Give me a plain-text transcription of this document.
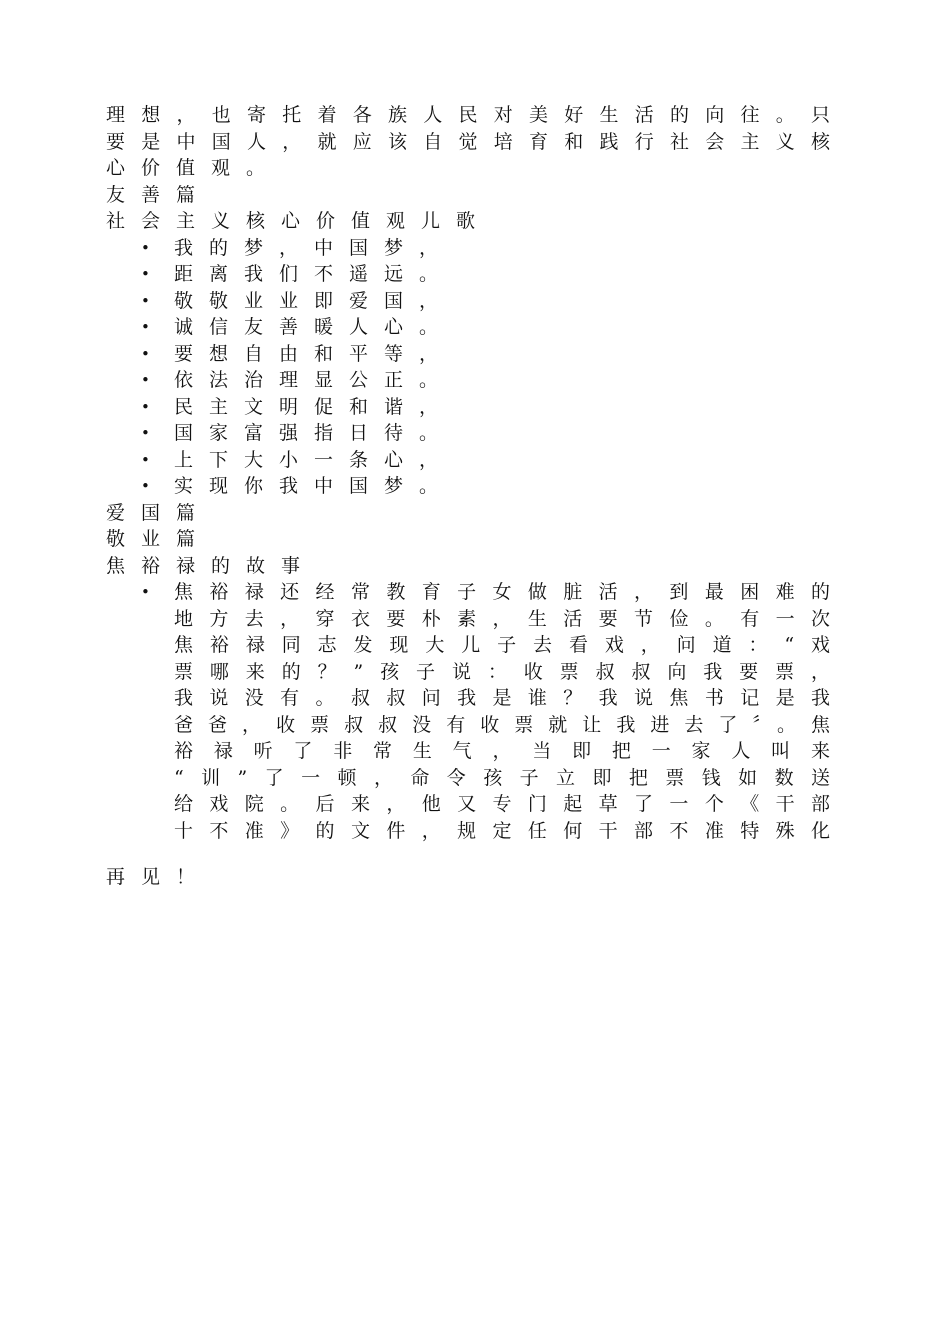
理想，也寄托着各族人民对美好生活的向往。只
要是中国人，就应该自觉培育和践行社会主义核
心价值观。
友善篇
社会主义核心价值观儿歌
• 我的梦，中国梦，
• 距离我们不遥远。
• 敬敬业业即爱国，
• 诚信友善暖人心。
• 要想自由和平等，
• 依法治理显公正。
• 民主文明促和谐，
• 国家富强指日待。
• 上下大小一条心，
• 实现你我中国梦。
爱国篇
敬业篇
焦裕禄的故事
• 焦裕禄还经常教育子女做脏活，到最困难的
地方去，穿衣要朴素，生活要节俭。有一次
焦裕禄同志发现大儿子去看戏，问道：“戏
票哪来的？”孩子说：收票叔叔向我要票，
我说没有。叔叔问我是谁？我说焦书记是我
爸爸，收票叔叔没有收票就让我进去了〞。焦
裕禄听了非常生气，当即把一家人叫来
“训”了一顿，命令孩子立即把票钱如数送
给戏院。后来，他又专门起草了一个《干部
十不准》的文件，规定任何干部不准特殊化
再见！
